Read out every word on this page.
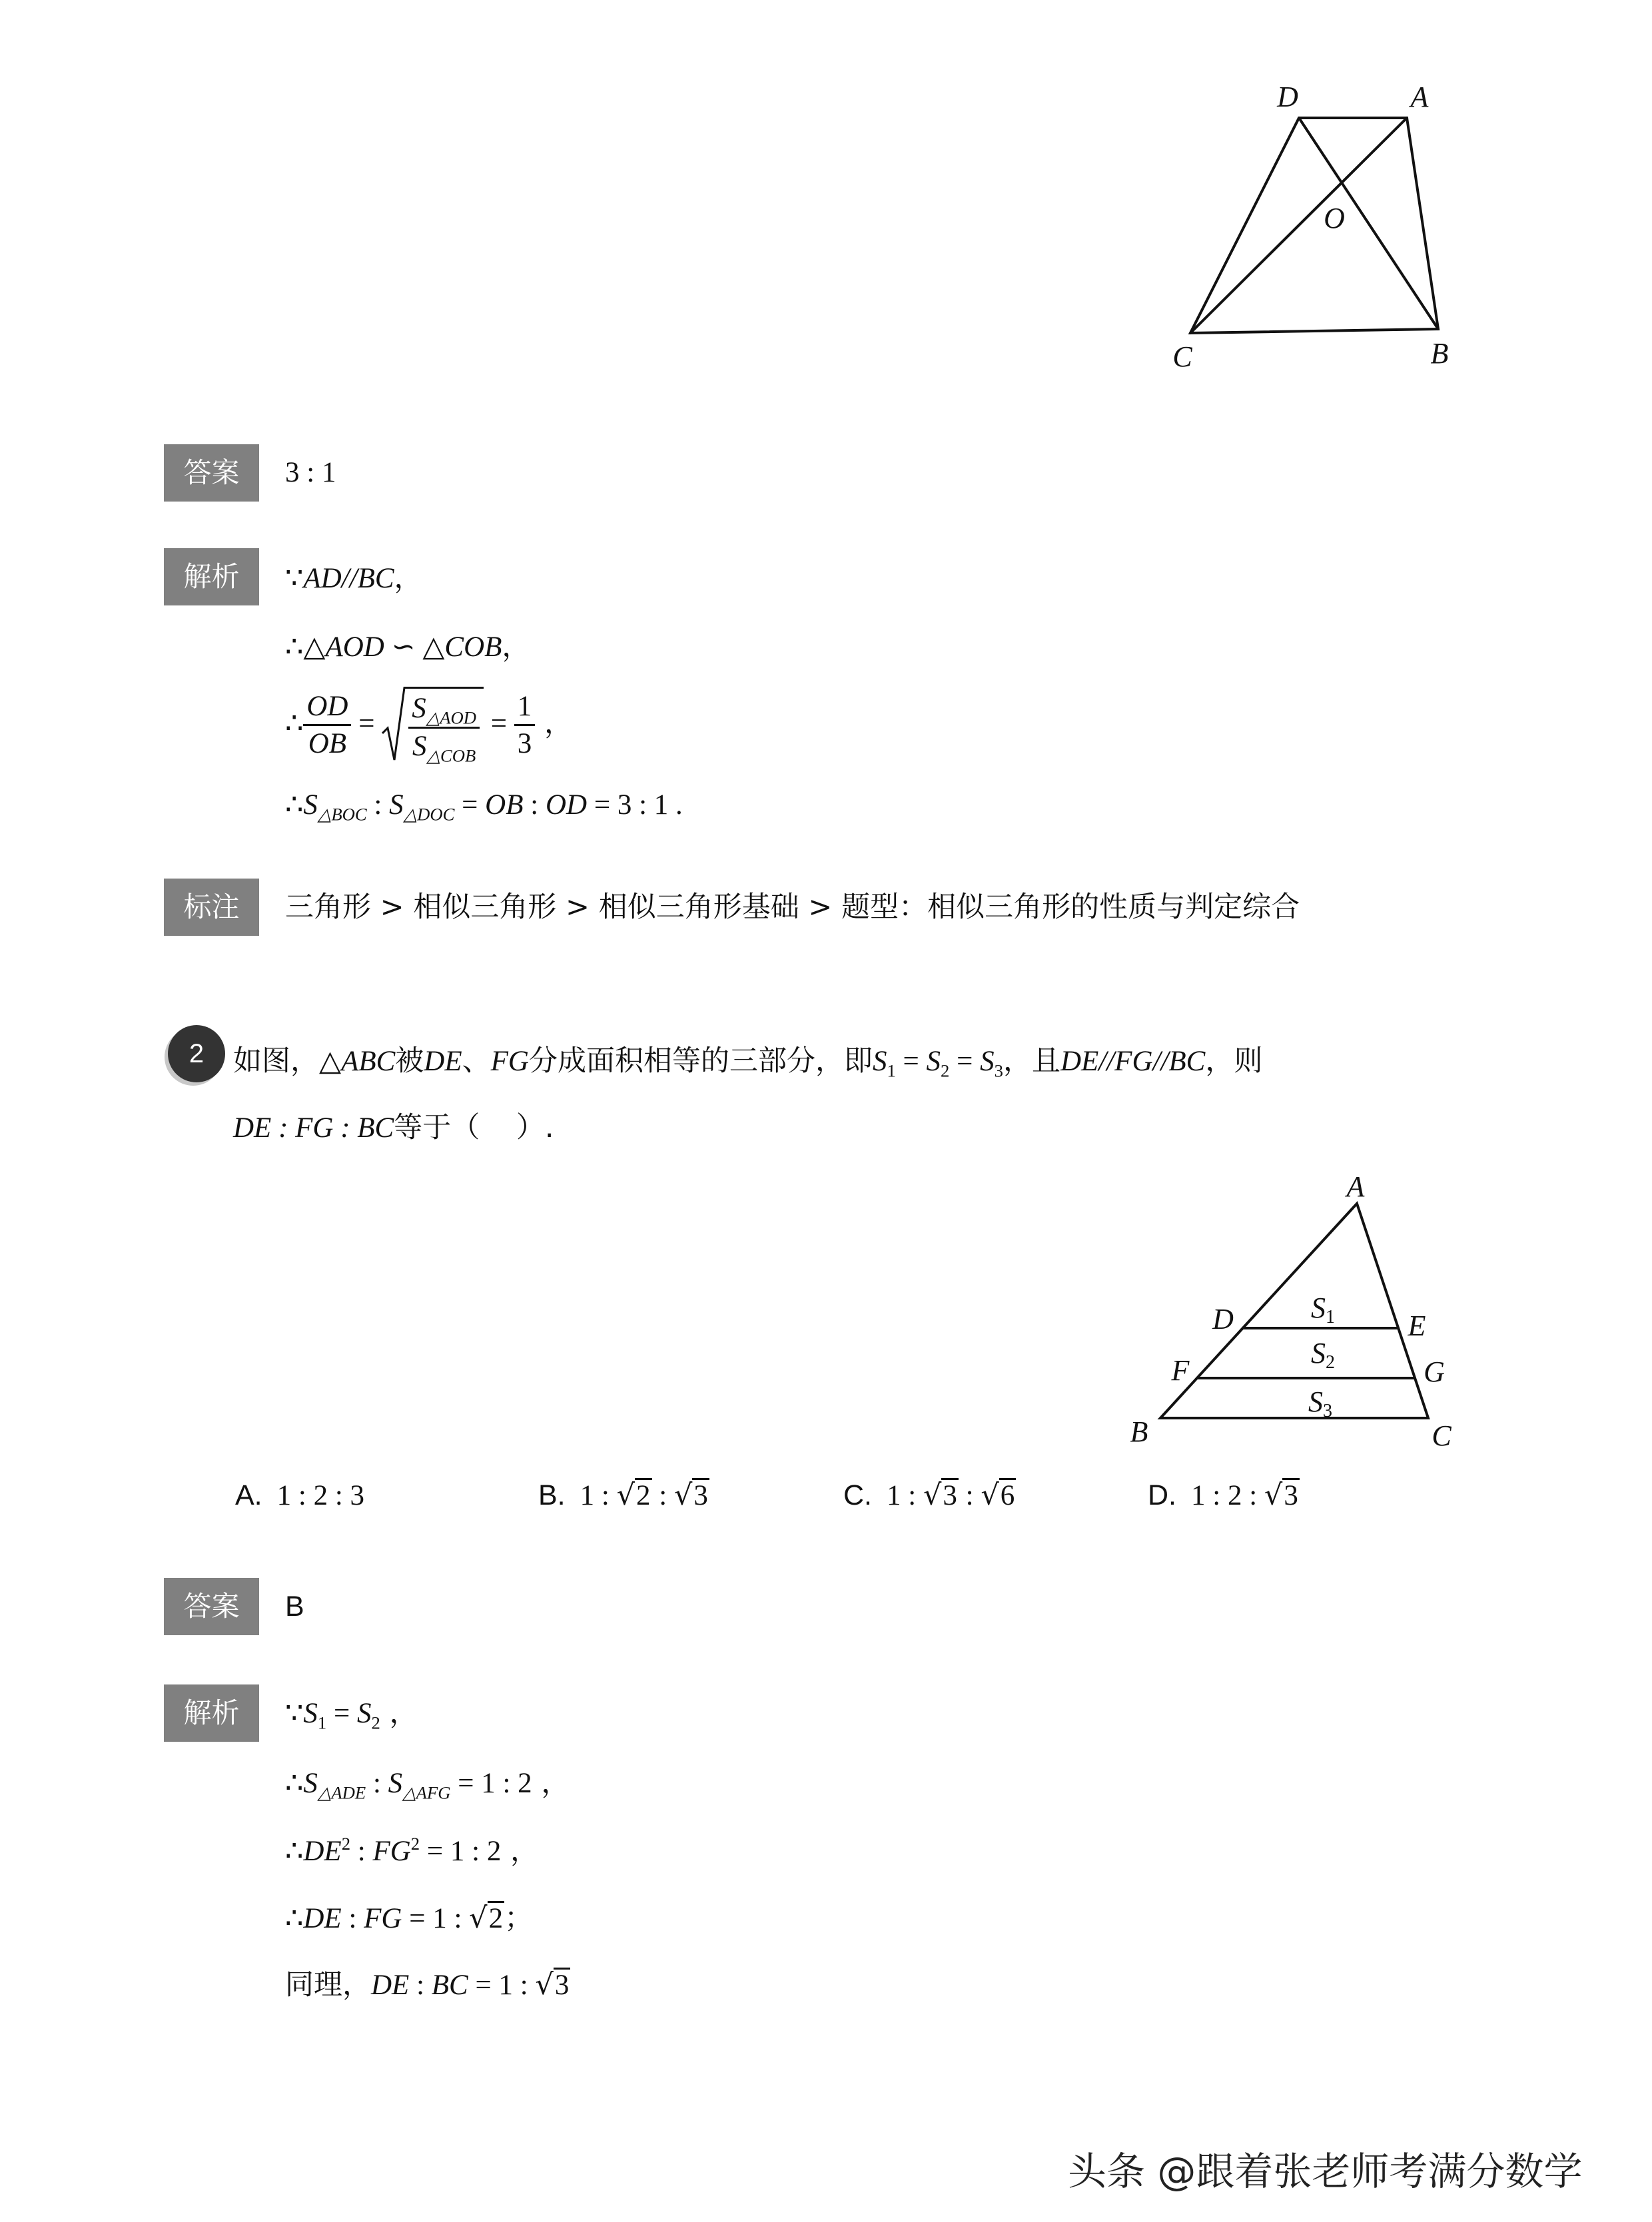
D	A
O
C	B
答案	3 : 1
解析	∵AD//BC，
∴△AOD ∽ △COB，
∴ $\frac{OD}{OB} = \frac{S_{\triangle AOD}}{S_{\triangle COB}} = \frac{1}{3}$ ，
$\therefore S_{\triangle BOC}$ : $S_{\triangle DOC}$ = OB : OD = 3 : 1 .
标注	三角形 > 相似三角形 > 相似三角形基础 > 题型：相似三角形的性质与判定综合
2	如图，△ABC被DE、FG分成面积相等的三部分，即$S_1 = S_2 = S_3$，且DE//FG//BC，则
DE : FG : BC等于（    ）.
A
D	E
F	G
B	C
S1
S2
S3
A. 1 : 2 : 3	B. 1 : √2 : √3	C. 1 : √3 : √6	D. 1 : 2 : √3
答案	B
解析	$\because S_1 = S_2$ ，
$\therefore S_{\triangle ADE}$ : $S_{\triangle AFG} = 1$ : 2 ，
$\therefore DE^2$ : $FG^2 = 1$ : 2 ，
∴DE : FG = 1 : √2；
同理，DE : BC = 1 : √3
头条 @跟着张老师考满分数学
